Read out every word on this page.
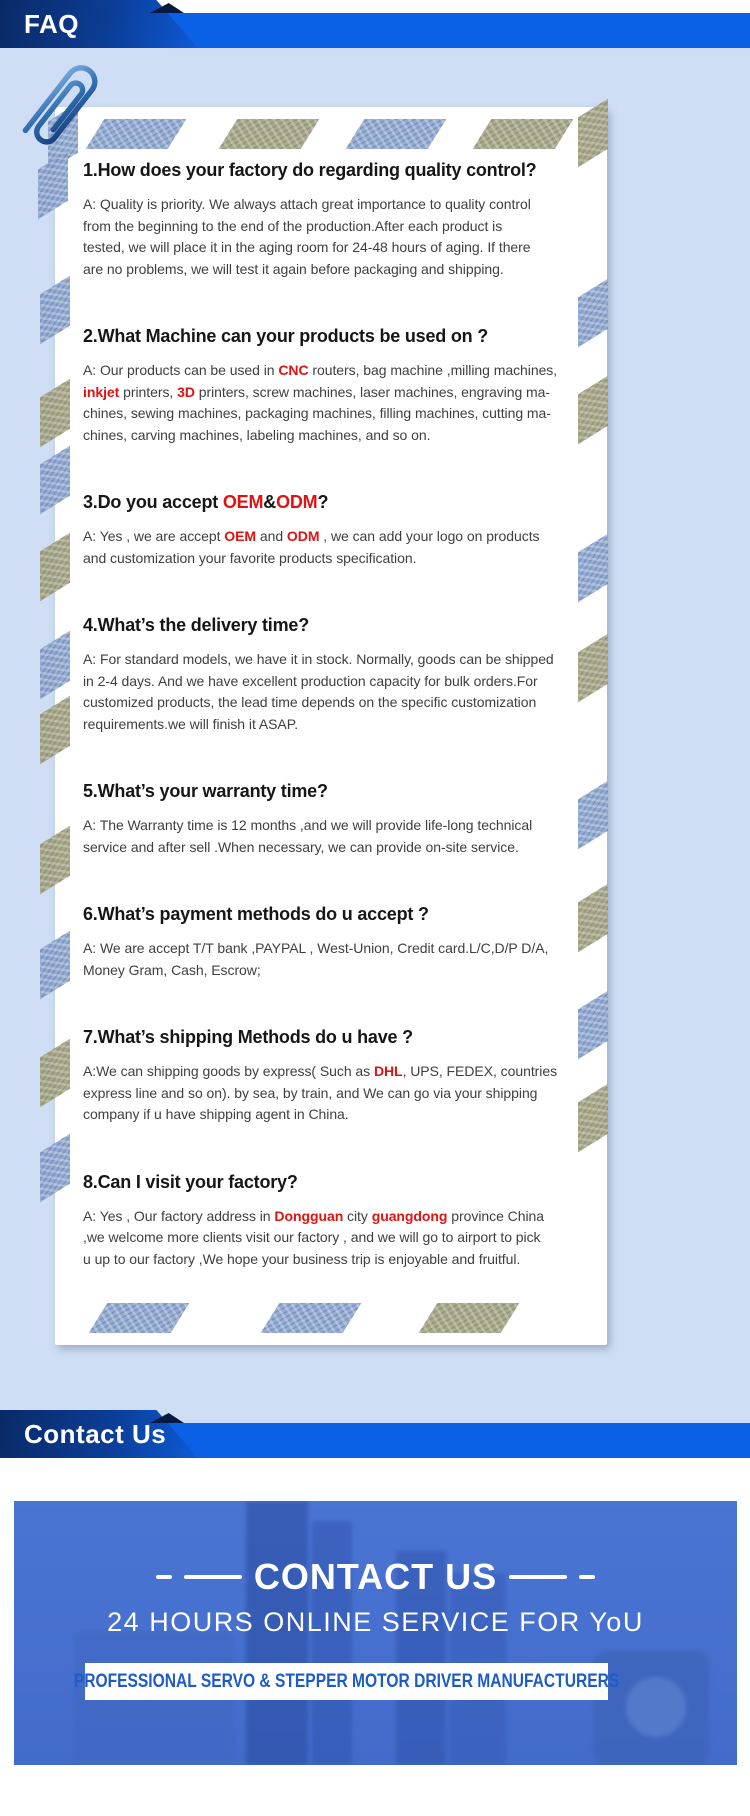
FAQ
1.How does your factory do regarding quality control?

A: Quality is priority. We always attach great importance to quality control
from the beginning to the end of the production.After each product is
tested, we will place it in the aging room for 24-48 hours of aging. If there
are no problems, we will test it again before packaging and shipping.

2.What Machine can your products be used on ?

A: Our products can be used in CNC routers, bag machine ,milling machines,
inkjet printers, 3D printers, screw machines, laser machines, engraving ma-
chines, sewing machines, packaging machines, filling machines, cutting ma-
chines, carving machines, labeling machines, and so on.

3.Do you accept OEM&ODM?

A: Yes , we are accept OEM and ODM , we can add your logo on products
and customization your favorite products specification.

4.What’s the delivery time?

A: For standard models, we have it in stock. Normally, goods can be shipped
in 2-4 days. And we have excellent production capacity for bulk orders.For
customized products, the lead time depends on the specific customization
requirements.we will finish it ASAP.

5.What’s your warranty time?

A: The Warranty time is 12 months ,and we will provide life-long technical
service and after sell .When necessary, we can provide on-site service.

6.What’s payment methods do u accept ?

A: We are accept T/T bank ,PAYPAL , West-Union, Credit card.L/C,D/P D/A,
Money Gram, Cash, Escrow;

7.What’s shipping Methods do u have ?

A:We can shipping goods by express( Such as DHL, UPS, FEDEX, countries
express line and so on). by sea, by train, and We can go via your shipping
company if u have shipping agent in China.

8.Can I visit your factory?

A: Yes , Our factory address in Dongguan city guangdong province China
,we welcome more clients visit our factory , and we will go to airport to pick
u up to our factory ,We hope your business trip is enjoyable and fruitful.

Contact Us
CONTACT US
24 HOURS ONLINE SERVICE FOR YoU
PROFESSIONAL SERVO & STEPPER MOTOR DRIVER MANUFACTURERS
